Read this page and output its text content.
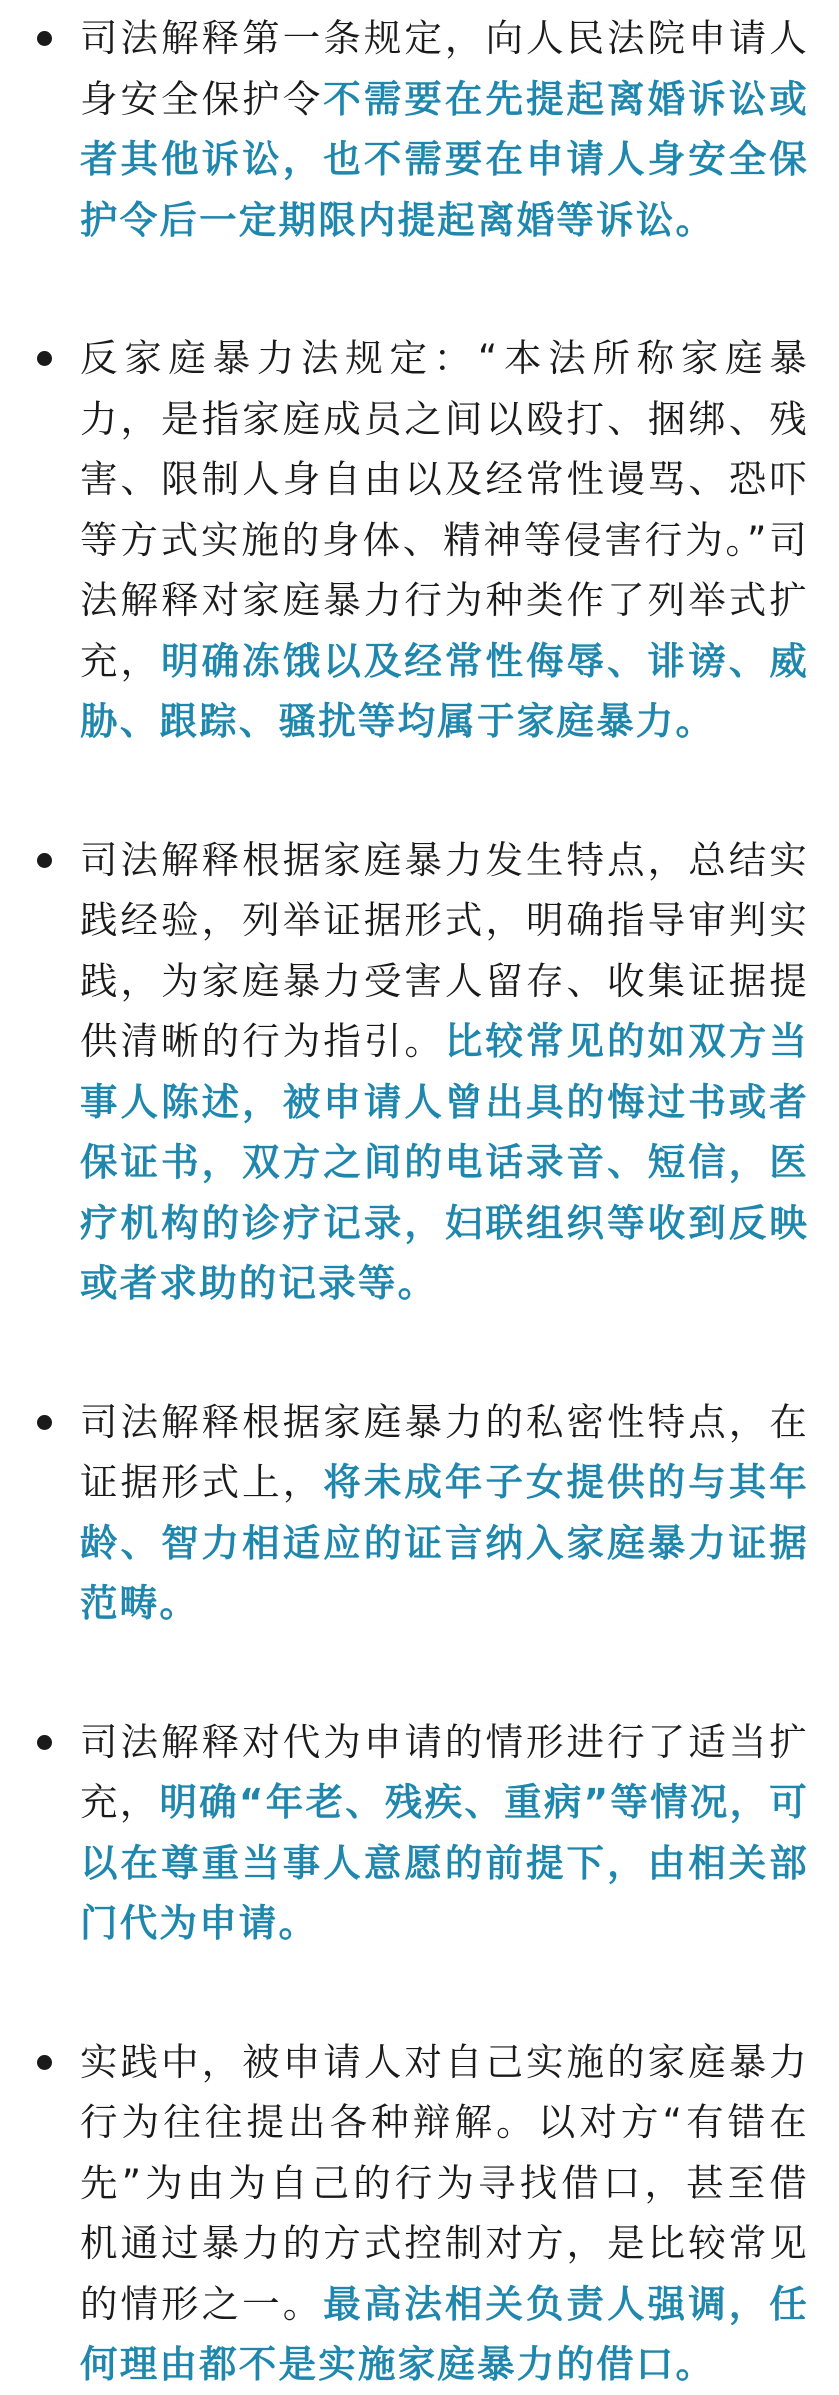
司法解释第一条规定，向人民法院申请人身安全保护令不需要在先提起离婚诉讼或者其他诉讼，也不需要在申请人身安全保护令后一定期限内提起离婚等诉讼。
反家庭暴力法规定：“本法所称家庭暴力，是指家庭成员之间以殴打、捆绑、残害、限制人身自由以及经常性谩骂、恐吓等方式实施的身体、精神等侵害行为。”司法解释对家庭暴力行为种类作了列举式扩充，明确冻饿以及经常性侮辱、诽谤、威胁、跟踪、骚扰等均属于家庭暴力。
司法解释根据家庭暴力发生特点，总结实践经验，列举证据形式，明确指导审判实践，为家庭暴力受害人留存、收集证据提供清晰的行为指引。比较常见的如双方当事人陈述，被申请人曾出具的悔过书或者保证书，双方之间的电话录音、短信，医疗机构的诊疗记录，妇联组织等收到反映或者求助的记录等。
司法解释根据家庭暴力的私密性特点，在证据形式上，将未成年子女提供的与其年龄、智力相适应的证言纳入家庭暴力证据范畴。
司法解释对代为申请的情形进行了适当扩充，明确“年老、残疾、重病”等情况，可以在尊重当事人意愿的前提下，由相关部门代为申请。
实践中，被申请人对自己实施的家庭暴力行为往往提出各种辩解。以对方“有错在先”为由为自己的行为寻找借口，甚至借机通过暴力的方式控制对方，是比较常见的情形之一。最高法相关负责人强调，任何理由都不是实施家庭暴力的借口。
